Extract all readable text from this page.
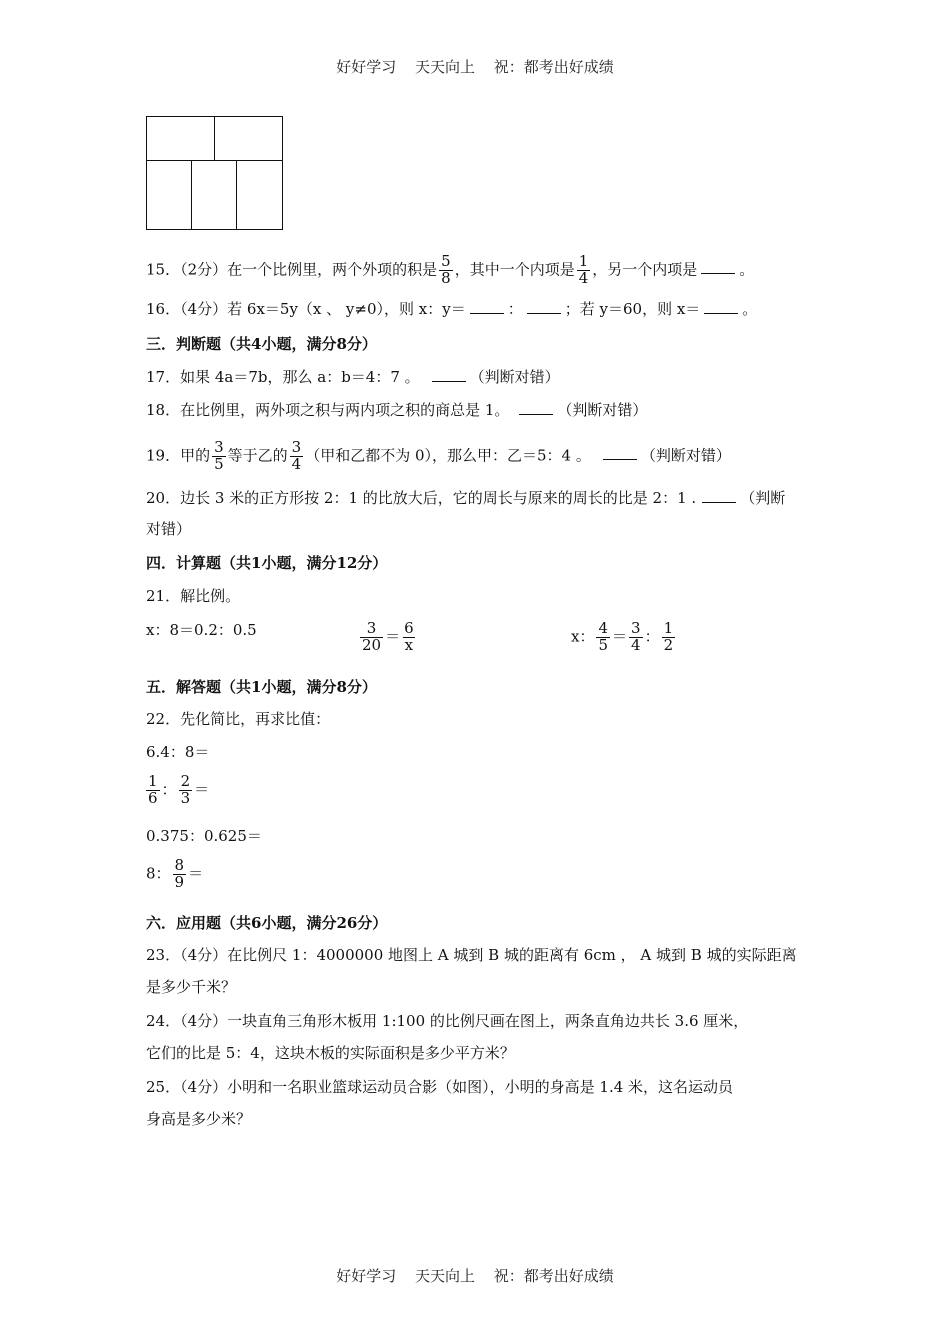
好好学习 天天向上 祝：都考出好成绩
15．（2分）在一个比例里，两个外项的积是 $\frac{5}{8}$ ，其中一个内项是 $\frac{1}{4}$ ，另一个内项是	。
16．（4分）若 6x＝5y（x 、 y≠0），则 x：y＝	：	；若 y＝60，则 x＝	。
三．判断题（共4小题，满分8分）
17．如果 4a＝7b，那么 a：b＝4：7 。	（判断对错）
18．在比例里，两外项之积与两内项之积的商总是 1。	（判断对错）
19．甲的 $\frac{3}{5}$ 等于乙的 $\frac{3}{4}$ （甲和乙都不为 0），那么甲：乙＝5：4 。	（判断对错）
20．边长 3 米的正方形按 2：1 的比放大后，它的周长与原来的周长的比是 2：1 .	（判断
对错）
四．计算题（共1小题，满分12分）
21．解比例。
x：8＝0.2：0.5	$\frac{3}{20} = \frac{6}{x}$	x： $\frac{4}{5} = \frac{3}{4}$ ： $\frac{1}{2}$
五．解答题（共1小题，满分8分）
22．先化简比，再求比值：
6.4：8＝
$\frac{1}{6}$ ： $\frac{2}{3}$ ＝
0.375：0.625＝
8： $\frac{8}{9}$ ＝
六．应用题（共6小题，满分26分）
23．（4分）在比例尺 1：4000000 地图上 A 城到 B 城的距离有 6cm ， A 城到 B 城的实际距离
是多少千米？
24．（4分）一块直角三角形木板用 1:100 的比例尺画在图上，两条直角边共长 3.6 厘米，
它们的比是 5：4，这块木板的实际面积是多少平方米？
25．（4分）小明和一名职业篮球运动员合影（如图），小明的身高是 1.4 米，这名运动员
身高是多少米？
好好学习 天天向上 祝：都考出好成绩
